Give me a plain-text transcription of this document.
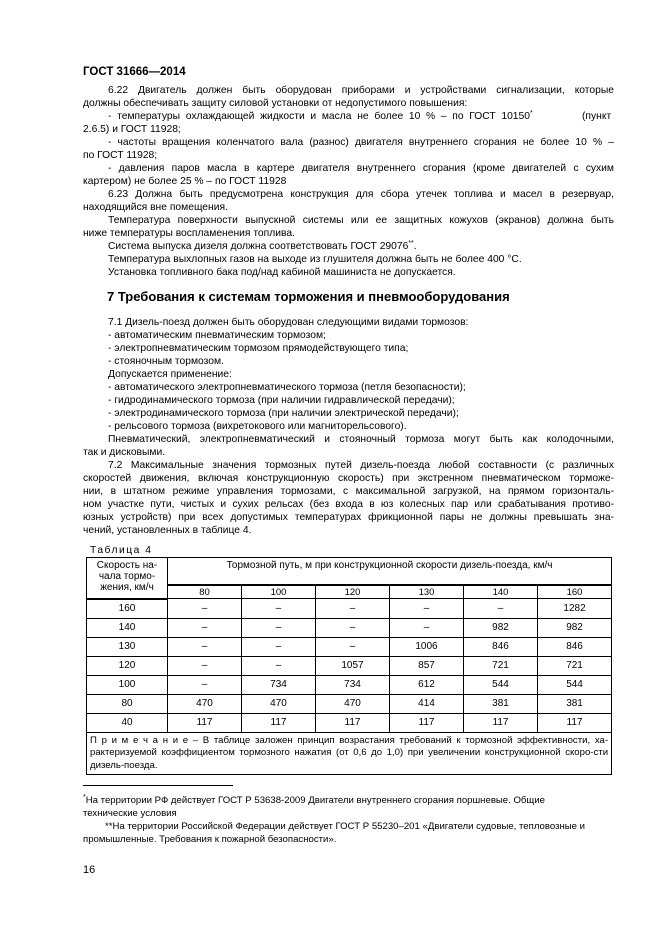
ГОСТ 31666—2014
6.22 Двигатель должен быть оборудован приборами и устройствами сигнализации, которые
должны обеспечивать защиту силовой установки от недопустимого повышения:
- температуры охлаждающей жидкости и масла не более 10 % – по ГОСТ 10150*	(пункт
2.6.5) и ГОСТ 11928;
- частоты вращения коленчатого вала (разнос) двигателя внутреннего сгорания не более 10 % –
по ГОСТ 11928;
- давления паров масла в картере двигателя внутреннего сгорания (кроме двигателей с сухим
картером) не более 25 % – по ГОСТ 11928
6.23 Должна быть предусмотрена конструкция для сбора утечек топлива и масел в резервуар,
находящийся вне помещения.
Температура поверхности выпускной системы или ее защитных кожухов (экранов) должна быть
ниже температуры воспламенения топлива.
Система выпуска дизеля должна соответствовать ГОСТ 29076**.
Температура выхлопных газов на выходе из глушителя должна быть не более 400 °С.
Установка топливного бака под/над кабиной машиниста не допускается.
7 Требования к системам торможения и пневмооборудования
7.1 Дизель-поезд должен быть оборудован следующими видами тормозов:
- автоматическим пневматическим тормозом;
- электропневматическим тормозом прямодействующего типа;
- стояночным тормозом.
Допускается применение:
- автоматического электропневматического тормоза (петля безопасности);
- гидродинамического тормоза (при наличии гидравлической передачи);
- электродинамического тормоза (при наличии электрической передачи);
- рельсового тормоза (вихретокового или магниторельсового).
Пневматический, электропневматический и стояночный тормоза могут быть как колодочными,
так и дисковыми.
7.2 Максимальные значения тормозных путей дизель-поезда любой составности (с различных
скоростей движения, включая конструкционную скорость) при экстренном пневматическом торможе-
нии, в штатном режиме управления тормозами, с максимальной загрузкой, на прямом горизонталь-
ном участке пути, чистых и сухих рельсах (без входа в юз колесных пар или срабатывания противо-
юзных устройств) при всех допустимых температурах фрикционной пары не должны превышать зна-
чений, установленных в таблице 4.
Таблица 4
Скорость на-
чала тормо-
жения, км/ч	Тормозной путь, м при конструкционной скорости дизель-поезда, км/ч					
	80	100	120	130	140	160
160	–	–	–	–	–	1282
140	–	–	–	–	982	982
130	–	–	–	1006	846	846
120	–	–	1057	857	721	721
100	–	734	734	612	544	544
80	470	470	470	414	381	381
40	117	117	117	117	117	117
П р и м е ч а н и е – В таблице заложен принцип возрастания требований к тормозной эффективности, ха-рактеризуемой коэффициентом тормозного нажатия (от 0,6 до 1,0) при увеличении конструкционной скоро-сти дизель-поезда.						
*На территории РФ действует ГОСТ Р 53638-2009 Двигатели внутреннего сгорания поршневые. Общие
технические условия
**На территории Российской Федерации действует ГОСТ Р 55230–201 «Двигатели судовые, тепловозные и
промышленные. Требования к пожарной безопасности».
16
